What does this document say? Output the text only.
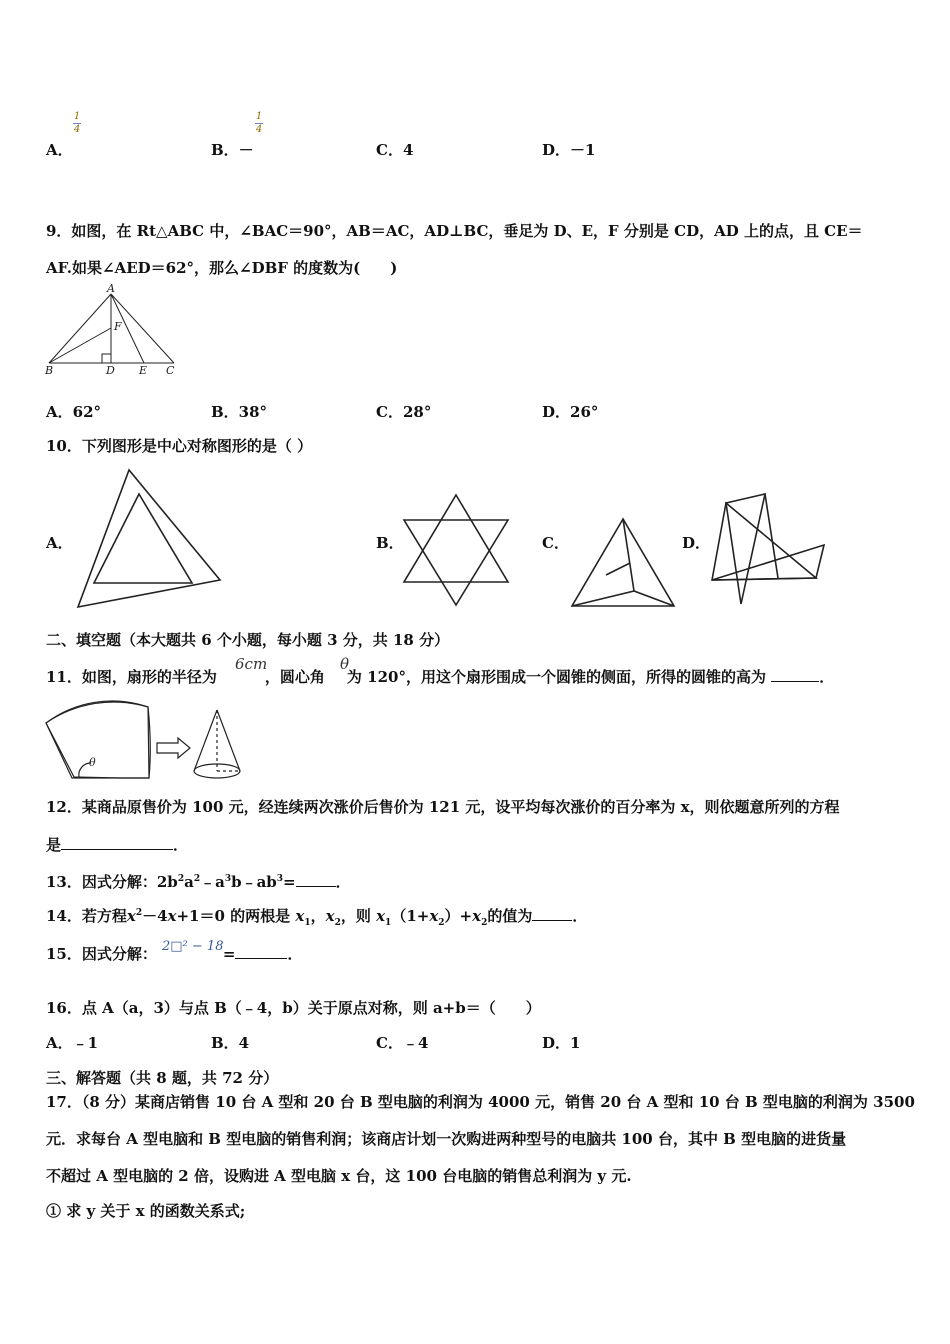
1
4
1
4
A．	B．－	C．4	D．－1
9．如图，在 Rt△ABC 中，∠BAC＝90°，AB＝AC，AD⊥BC，垂足为 D、E，F 分别是 CD，AD 上的点，且 CE＝
AF.如果∠AED＝62°，那么∠DBF 的度数为(　　)
A
F
B	D E C
A．62°	B．38°	C．28°	D．26°
10．下列图形是中心对称图形的是（ ）
A．	B．	C．	D．
二、填空题（本大题共 6 个小题，每小题 3 分，共 18 分）
11．如图，扇形的半径为	，圆心角 为 120°，用这个扇形围成一个圆锥的侧面，所得的圆锥的高为	．
6cm	θ
θ
12．某商品原售价为 100 元，经连续两次涨价后售价为 121 元，设平均每次涨价的百分率为 x，则依题意所列的方程
是	．
13．因式分解：$2b^2a^2﹣a^3b﹣ab^3=$	．
14．若方程$x^2-4x+1=0$ 的两根是 $x_1$，$x_2$，则 $x_1(1+x_2)+x_2$的值为	．
15．因式分解：	=	．
2□² − 18
16．点 A（a，3）与点 B（﹣4，b）关于原点对称，则 a+b＝（　　）
A．﹣1	B．4	C．﹣4	D．1
三、解答题（共 8 题，共 72 分）
17．（8 分）某商店销售 10 台 A 型和 20 台 B 型电脑的利润为 4000 元，销售 20 台 A 型和 10 台 B 型电脑的利润为 3500
元．求每台 A 型电脑和 B 型电脑的销售利润；该商店计划一次购进两种型号的电脑共 100 台，其中 B 型电脑的进货量
不超过 A 型电脑的 2 倍，设购进 A 型电脑 x 台，这 100 台电脑的销售总利润为 y 元.
① 求 y 关于 x 的函数关系式;
